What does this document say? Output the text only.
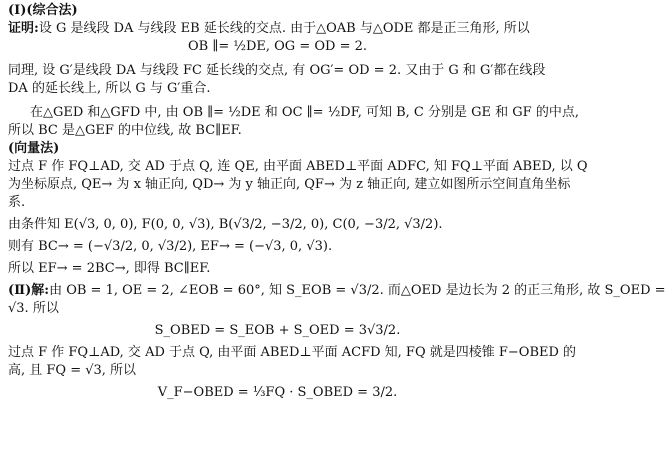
(Ⅰ)(综合法)
证明:设 G 是线段 DA 与线段 EB 延长线的交点. 由于△OAB 与△ODE 都是正三角形, 所以
OB ∥= ½DE, OG = OD = 2.
同理, 设 G′是线段 DA 与线段 FC 延长线的交点, 有 OG′= OD = 2. 又由于 G 和 G′都在线段
DA 的延长线上, 所以 G 与 G′重合.
在△GED 和△GFD 中, 由 OB ∥= ½DE 和 OC ∥= ½DF, 可知 B, C 分别是 GE 和 GF 的中点,
所以 BC 是△GEF 的中位线, 故 BC∥EF.
(向量法)
过点 F 作 FQ⊥AD, 交 AD 于点 Q, 连 QE, 由平面 ABED⊥平面 ADFC, 知 FQ⊥平面 ABED, 以 Q
为坐标原点, QE→ 为 x 轴正向, QD→ 为 y 轴正向, QF→ 为 z 轴正向, 建立如图所示空间直角坐标
系.
由条件知 E(√3, 0, 0), F(0, 0, √3), B(√3/2, −3/2, 0), C(0, −3/2, √3/2).
则有 BC→ = (−√3/2, 0, √3/2), EF→ = (−√3, 0, √3).
所以 EF→ = 2BC→, 即得 BC∥EF.
(Ⅱ)解:由 OB = 1, OE = 2, ∠EOB = 60°, 知 S_EOB = √3/2. 而△OED 是边长为 2 的正三角形, 故 S_OED =
√3. 所以
S_OBED = S_EOB + S_OED = 3√3/2.
过点 F 作 FQ⊥AD, 交 AD 于点 Q, 由平面 ABED⊥平面 ACFD 知, FQ 就是四棱锥 F−OBED 的
高, 且 FQ = √3, 所以
V_F−OBED = ⅓FQ · S_OBED = 3/2.
